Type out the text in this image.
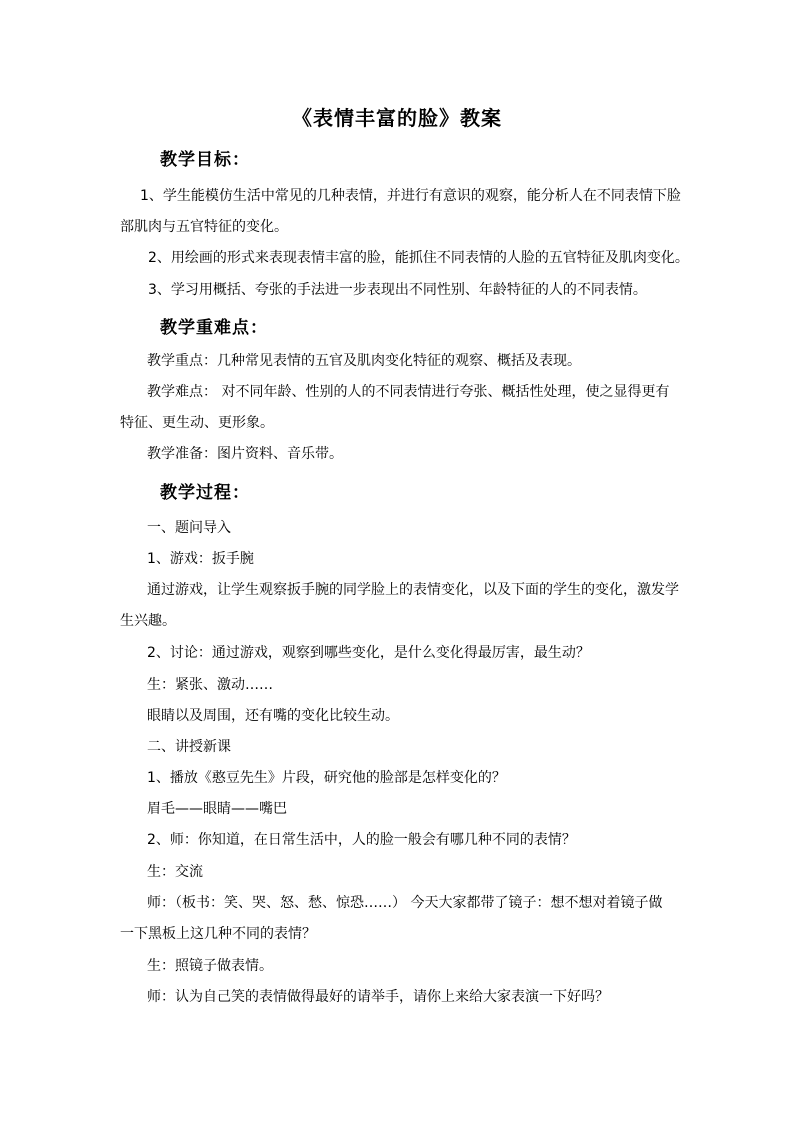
《表情丰富的脸》教案
教学目标：
1、学生能模仿生活中常见的几种表情，并进行有意识的观察，能分析人在不同表情下脸
部肌肉与五官特征的变化。
2、用绘画的形式来表现表情丰富的脸，能抓住不同表情的人脸的五官特征及肌肉变化。
3、学习用概括、夸张的手法进一步表现出不同性别、年龄特征的人的不同表情。
教学重难点：
教学重点：几种常见表情的五官及肌肉变化特征的观察、概括及表现。
教学难点： 对不同年龄、性别的人的不同表情进行夸张、概括性处理，使之显得更有
特征、更生动、更形象。
教学准备：图片资料、音乐带。
教学过程：
一、题问导入
1、游戏：扳手腕
通过游戏，让学生观察扳手腕的同学脸上的表情变化，以及下面的学生的变化，激发学
生兴趣。
2、讨论：通过游戏，观察到哪些变化，是什么变化得最厉害，最生动？
生：紧张、激动……
眼睛以及周围，还有嘴的变化比较生动。
二、讲授新课
1、播放《憨豆先生》片段，研究他的脸部是怎样变化的？
眉毛——眼睛——嘴巴
2、师：你知道，在日常生活中，人的脸一般会有哪几种不同的表情？
生：交流
师：（板书：笑、哭、怒、愁、惊恐……） 今天大家都带了镜子：想不想对着镜子做
一下黑板上这几种不同的表情？
生：照镜子做表情。
师：认为自己笑的表情做得最好的请举手，请你上来给大家表演一下好吗？
